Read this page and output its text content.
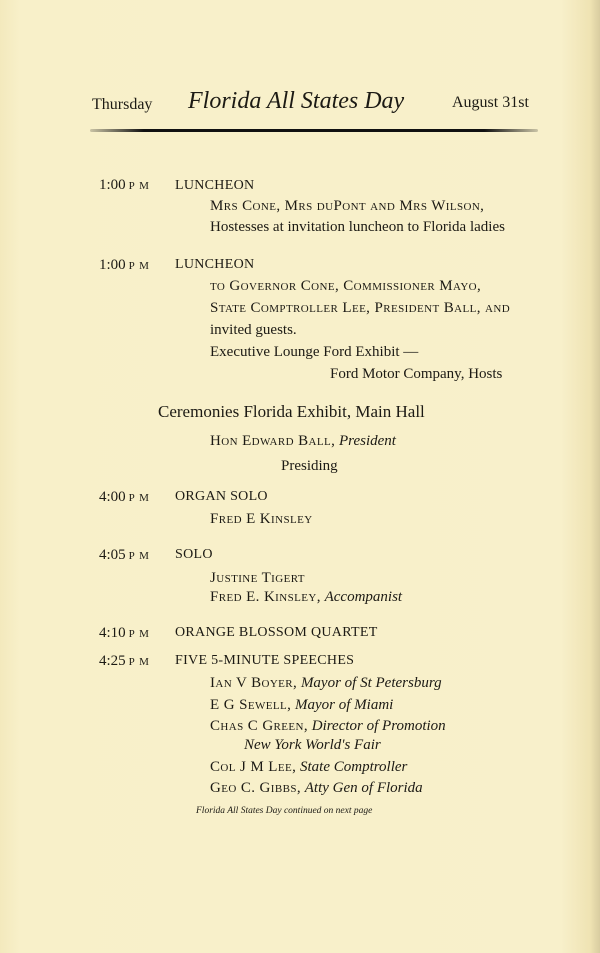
Thursday Florida All States Day	August 31st
1:00 P M LUNCHEON
Mrs Cone, Mrs duPont and Mrs Wilson,
Hostesses at invitation luncheon to Florida ladies
1:00 P M LUNCHEON
to Governor Cone, Commissioner Mayo,
State Comptroller Lee, President Ball, and
invited guests.
Executive Lounge Ford Exhibit —
Ford Motor Company, Hosts
Ceremonies Florida Exhibit, Main Hall
Hon Edward Ball, President
Presiding
4:00 P M ORGAN SOLO
Fred E Kinsley
4:05 P M SOLO
Justine Tigert
Fred E. Kinsley, Accompanist
4:10 P M ORANGE BLOSSOM QUARTET
4:25 P M FIVE 5-MINUTE SPEECHES
Ian V Boyer, Mayor of St Petersburg
E G Sewell, Mayor of Miami
Chas C Green, Director of Promotion
New York World's Fair
Col J M Lee, State Comptroller
Geo C. Gibbs, Atty Gen of Florida
Florida All States Day continued on next page
